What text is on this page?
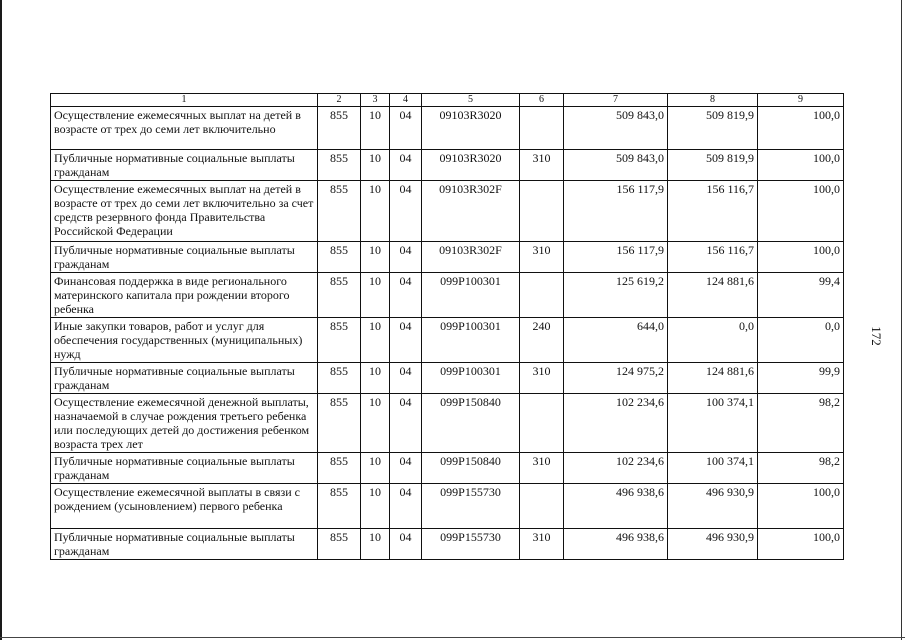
172
1	2	3	4	5	6	7	8	9
Осуществление ежемесячных выплат на детей в возрасте от трех до семи лет включительно	855	10	04	09103R3020		509 843,0	509 819,9	100,0
Публичные нормативные социальные выплаты гражданам	855	10	04	09103R3020	310	509 843,0	509 819,9	100,0
Осуществление ежемесячных выплат на детей в возрасте от трех до семи лет включительно за счет средств резервного фонда Правительства Российской Федерации	855	10	04	09103R302F		156 117,9	156 116,7	100,0
Публичные нормативные социальные выплаты гражданам	855	10	04	09103R302F	310	156 117,9	156 116,7	100,0
Финансовая поддержка в виде регионального материнского капитала при рождении второго ребенка	855	10	04	099P100301		125 619,2	124 881,6	99,4
Иные закупки товаров, работ и услуг для обеспечения государственных (муниципальных) нужд	855	10	04	099P100301	240	644,0	0,0	0,0
Публичные нормативные социальные выплаты гражданам	855	10	04	099P100301	310	124 975,2	124 881,6	99,9
Осуществление ежемесячной денежной выплаты, назначаемой в случае рождения третьего ребенка или последующих детей до достижения ребенком возраста трех лет	855	10	04	099P150840		102 234,6	100 374,1	98,2
Публичные нормативные социальные выплаты гражданам	855	10	04	099P150840	310	102 234,6	100 374,1	98,2
Осуществление ежемесячной выплаты в связи с рождением (усыновлением) первого ребенка	855	10	04	099P155730		496 938,6	496 930,9	100,0
Публичные нормативные социальные выплаты гражданам	855	10	04	099P155730	310	496 938,6	496 930,9	100,0
